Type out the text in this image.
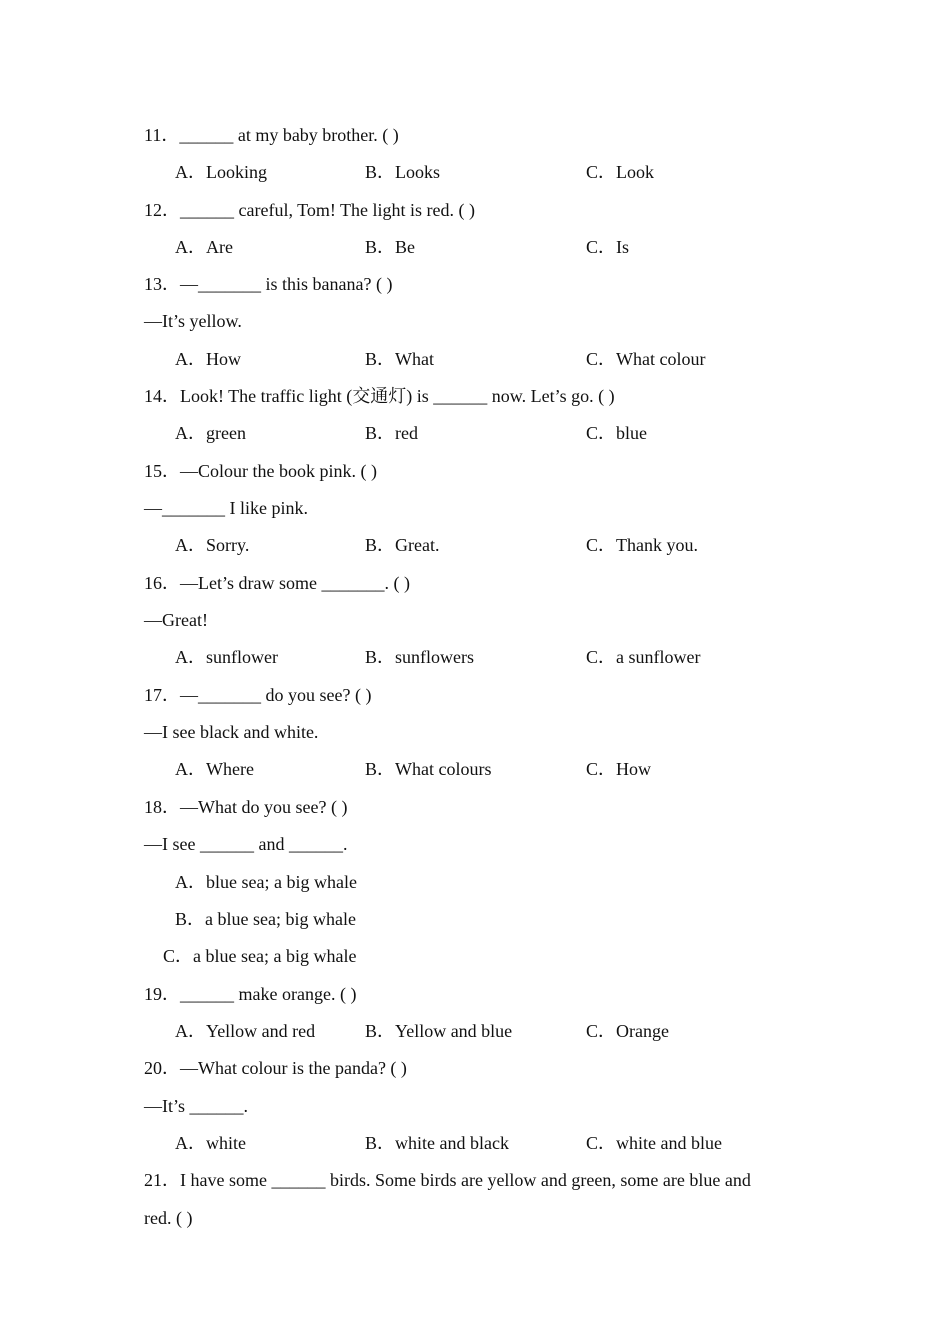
11．______ at my baby brother. ( )
A．Looking	B．Looks	C．Look
12．______ careful, Tom! The light is red. ( )
A．Are	B．Be	C．Is
13．—_______ is this banana? ( )
—It’s yellow.
A．How	B．What	C．What colour
14．Look! The traffic light (交通灯) is ______ now. Let’s go. ( )
A．green	B．red	C．blue
15．—Colour the book pink. ( )
—_______ I like pink.
A．Sorry.	B．Great.	C．Thank you.
16．—Let’s draw some _______. ( )
—Great!
A．sunflower	B．sunflowers	C．a sunflower
17．—_______ do you see? ( )
—I see black and white.
A．Where	B．What colours	C．How
18．—What do you see? ( )
—I see ______ and ______.
A．blue sea; a big whale
B．a blue sea; big whale
C．a blue sea; a big whale
19．______ make orange. ( )
A．Yellow and red	B．Yellow and blue	C．Orange
20．—What colour is the panda? ( )
—It’s ______.
A．white	B．white and black	C．white and blue
21．I have some ______ birds. Some birds are yellow and green, some are blue and
red. ( )
